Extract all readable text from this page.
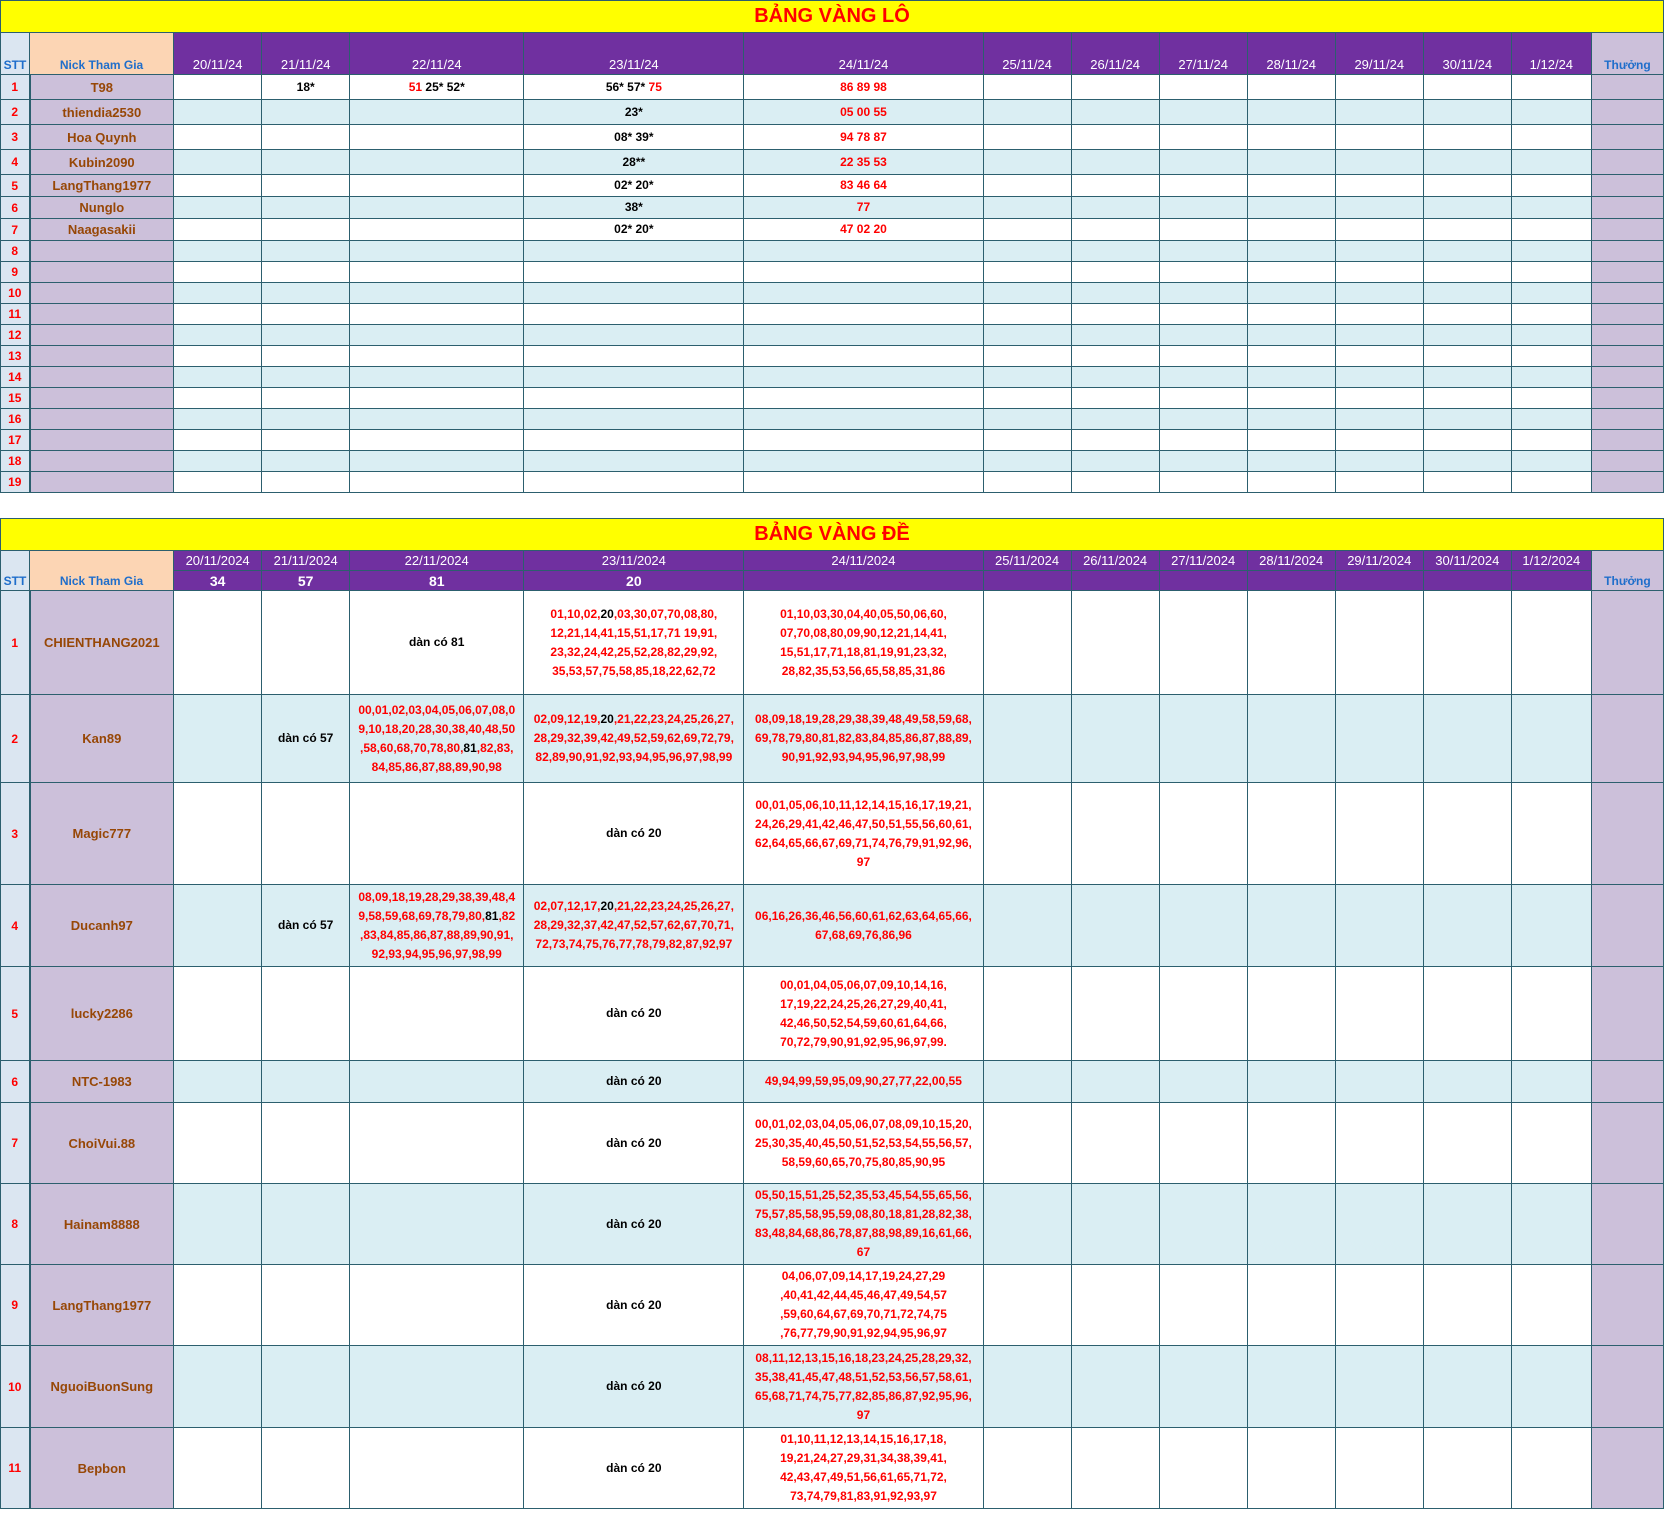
BẢNG VÀNG LÔ														
STT	Nick Tham Gia	20/11/24	21/11/24	22/11/24	23/11/24	24/11/24	25/11/24	26/11/24	27/11/24	28/11/24	29/11/24	30/11/24	1/12/24	Thưởng
1	T98		18*	51 25* 52*	56* 57* 75	86 89 98								
2	thiendia2530				23*	05 00 55								
3	Hoa Quynh				08* 39*	94 78 87								
4	Kubin2090				28**	22 35 53								
5	LangThang1977				02* 20*	83 46 64								
6	Nunglo				38*	77								
7	Naagasakii				02* 20*	47 02 20								
8														
9														
10														
11														
12														
13														
14														
15														
16														
17														
18														
19														
BẢNG VÀNG ĐỀ														
STT	Nick Tham Gia	20/11/2024	21/11/2024	22/11/2024	23/11/2024	24/11/2024	25/11/2024	26/11/2024	27/11/2024	28/11/2024	29/11/2024	30/11/2024	1/12/2024	Thưởng
		34	57	81	20									
1	CHIENTHANG2021			dàn có 81	01,10,02,20,03,30,07,70,08,80,
12,21,14,41,15,51,17,71 19,91,
23,32,24,42,25,52,28,82,29,92,
35,53,57,75,58,85,18,22,62,72	01,10,03,30,04,40,05,50,06,60,
07,70,08,80,09,90,12,21,14,41,
15,51,17,71,18,81,19,91,23,32,
28,82,35,53,56,65,58,85,31,86								
2	Kan89		dàn có 57	00,01,02,03,04,05,06,07,08,0
9,10,18,20,28,30,38,40,48,50
,58,60,68,70,78,80,81,82,83,
84,85,86,87,88,89,90,98	02,09,12,19,20,21,22,23,24,25,26,27,
28,29,32,39,42,49,52,59,62,69,72,79,
82,89,90,91,92,93,94,95,96,97,98,99	08,09,18,19,28,29,38,39,48,49,58,59,68,
69,78,79,80,81,82,83,84,85,86,87,88,89,
90,91,92,93,94,95,96,97,98,99								
3	Magic777				dàn có 20	00,01,05,06,10,11,12,14,15,16,17,19,21,
24,26,29,41,42,46,47,50,51,55,56,60,61,
62,64,65,66,67,69,71,74,76,79,91,92,96,
97								
4	Ducanh97		dàn có 57	08,09,18,19,28,29,38,39,48,4
9,58,59,68,69,78,79,80,81,82
,83,84,85,86,87,88,89,90,91,
92,93,94,95,96,97,98,99	02,07,12,17,20,21,22,23,24,25,26,27,
28,29,32,37,42,47,52,57,62,67,70,71,
72,73,74,75,76,77,78,79,82,87,92,97	06,16,26,36,46,56,60,61,62,63,64,65,66,
67,68,69,76,86,96								
5	lucky2286				dàn có 20	00,01,04,05,06,07,09,10,14,16,
17,19,22,24,25,26,27,29,40,41,
42,46,50,52,54,59,60,61,64,66,
70,72,79,90,91,92,95,96,97,99.								
6	NTC-1983				dàn có 20	49,94,99,59,95,09,90,27,77,22,00,55								
7	ChoiVui.88				dàn có 20	00,01,02,03,04,05,06,07,08,09,10,15,20,
25,30,35,40,45,50,51,52,53,54,55,56,57,
58,59,60,65,70,75,80,85,90,95								
8	Hainam8888				dàn có 20	05,50,15,51,25,52,35,53,45,54,55,65,56,
75,57,85,58,95,59,08,80,18,81,28,82,38,
83,48,84,68,86,78,87,88,98,89,16,61,66,
67								
9	LangThang1977				dàn có 20	04,06,07,09,14,17,19,24,27,29
,40,41,42,44,45,46,47,49,54,57
,59,60,64,67,69,70,71,72,74,75
,76,77,79,90,91,92,94,95,96,97								
10	NguoiBuonSung				dàn có 20	08,11,12,13,15,16,18,23,24,25,28,29,32,
35,38,41,45,47,48,51,52,53,56,57,58,61,
65,68,71,74,75,77,82,85,86,87,92,95,96,
97								
11	Bepbon				dàn có 20	01,10,11,12,13,14,15,16,17,18,
19,21,24,27,29,31,34,38,39,41,
42,43,47,49,51,56,61,65,71,72,
73,74,79,81,83,91,92,93,97								
